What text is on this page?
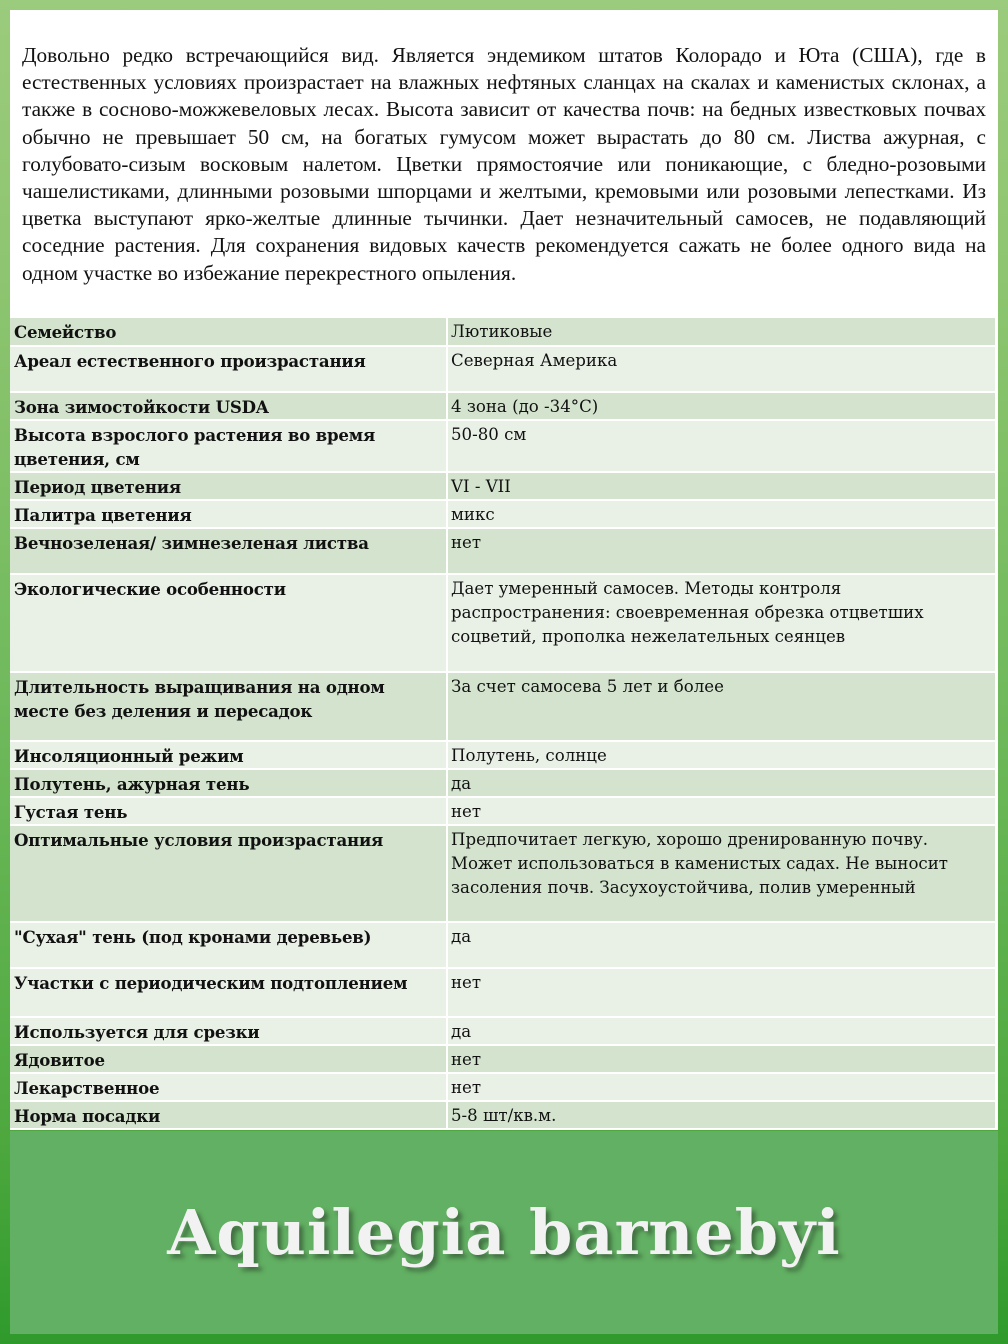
Довольно редко встречающийся вид. Является эндемиком штатов Колорадо и Юта (США), где в естественных условиях произрастает на влажных нефтяных сланцах на скалах и каменистых склонах, а также в сосново-можжевеловых лесах. Высота зависит от качества почв: на бедных известковых почвах обычно не превышает 50 см, на богатых гумусом может вырастать до 80 см. Листва ажурная, с голубовато-сизым восковым налетом. Цветки прямостоячие или поникающие, с бледно-розовыми чашелистиками, длинными розовыми шпорцами и желтыми, кремовыми или розовыми лепестками. Из цветка выступают ярко-желтые длинные тычинки. Дает незначительный самосев, не подавляющий соседние растения. Для сохранения видовых качеств рекомендуется сажать не более одного вида на одном участке во избежание перекрестного опыления.

Семейство	Лютиковые
Ареал естественного произрастания	Северная Америка
Зона зимостойкости USDA	4 зона (до -34°C)
Высота взрослого растения во время цветения, см	50-80 см
Период цветения	VI - VII
Палитра цветения	микс
Вечнозеленая/ зимнезеленая листва	нет
Экологические особенности	Дает умеренный самосев. Методы контроля распространения: своевременная обрезка отцветших соцветий, прополка нежелательных сеянцев
Длительность выращивания на одном месте без деления и пересадок	За счет самосева 5 лет и более
Инсоляционный режим	Полутень, солнце
Полутень, ажурная тень	да
Густая тень	нет
Оптимальные условия произрастания	Предпочитает легкую, хорошо дренированную почву. Может использоваться в каменистых садах. Не выносит засоления почв. Засухоустойчива, полив умеренный
"Сухая" тень (под кронами деревьев)	да
Участки с периодическим подтоплением	нет
Используется для срезки	да
Ядовитое	нет
Лекарственное	нет
Норма посадки	5-8 шт/кв.м.
Aquilegia barnebyi
